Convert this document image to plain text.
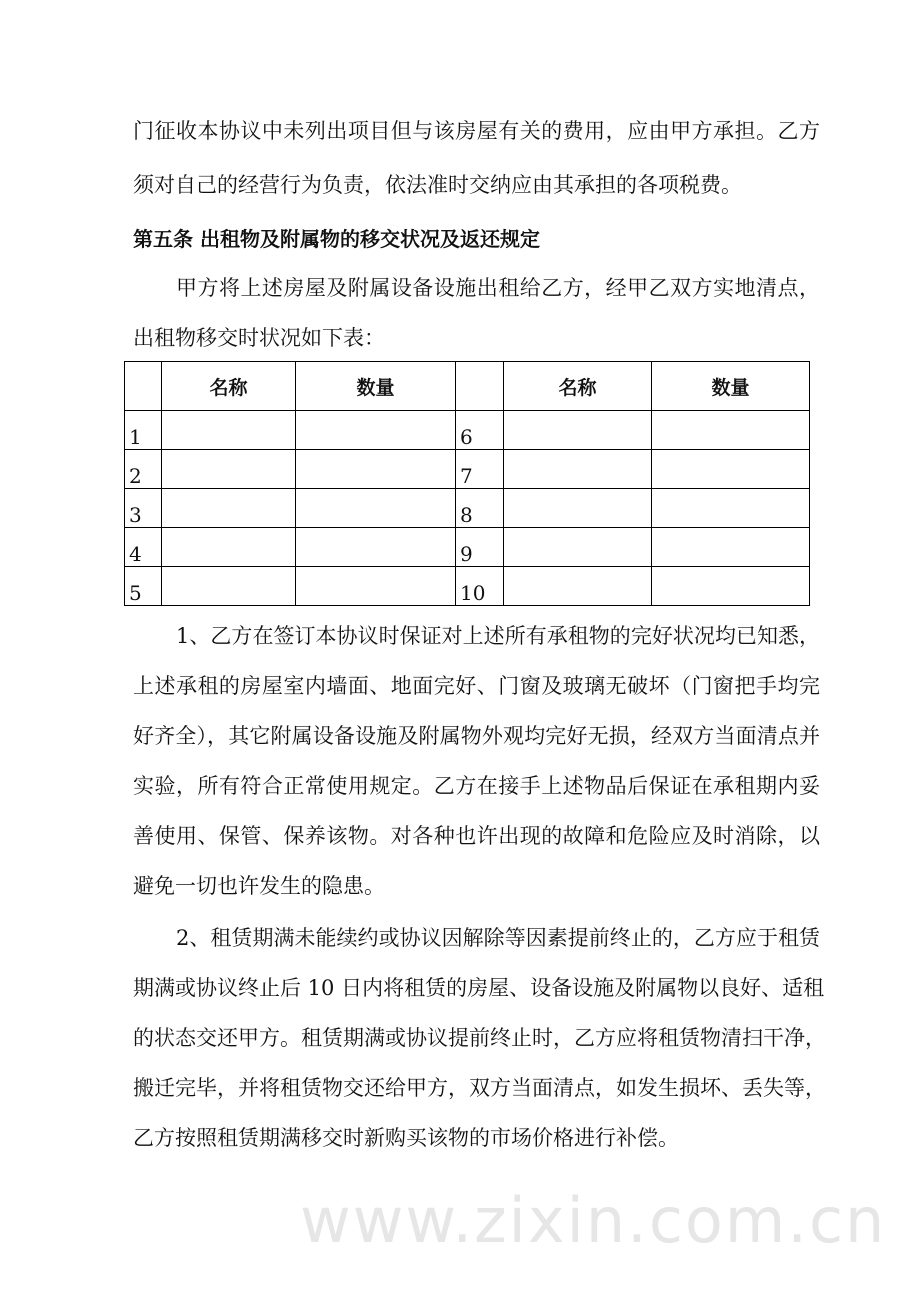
www.zixin.com.cn
门征收本协议中未列出项目但与该房屋有关的费用，应由甲方承担。乙方
须对自己的经营行为负责，依法准时交纳应由其承担的各项税费。
第五条 出租物及附属物的移交状况及返还规定
甲方将上述房屋及附属设备设施出租给乙方，经甲乙双方实地清点，
出租物移交时状况如下表：
	名称	数量		名称	数量
1			6		
2			7		
3			8		
4			9		
5			10		
1、乙方在签订本协议时保证对上述所有承租物的完好状况均已知悉，
上述承租的房屋室内墙面、地面完好、门窗及玻璃无破坏（门窗把手均完
好齐全），其它附属设备设施及附属物外观均完好无损，经双方当面清点并
实验，所有符合正常使用规定。乙方在接手上述物品后保证在承租期内妥
善使用、保管、保养该物。对各种也许出现的故障和危险应及时消除，以
避免一切也许发生的隐患。
2、租赁期满未能续约或协议因解除等因素提前终止的，乙方应于租赁
期满或协议终止后 10 日内将租赁的房屋、设备设施及附属物以良好、适租
的状态交还甲方。租赁期满或协议提前终止时，乙方应将租赁物清扫干净，
搬迁完毕，并将租赁物交还给甲方，双方当面清点，如发生损坏、丢失等，
乙方按照租赁期满移交时新购买该物的市场价格进行补偿。
